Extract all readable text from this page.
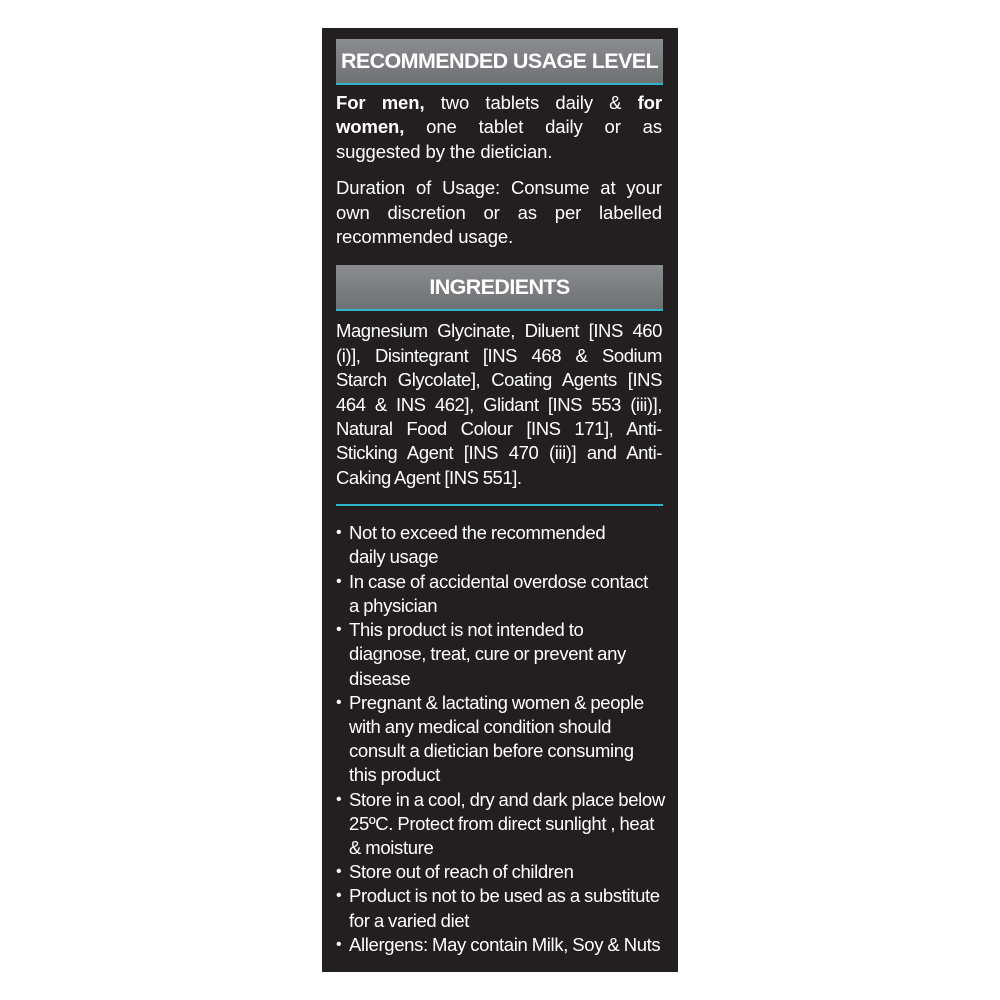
RECOMMENDED USAGE LEVEL

For men, two tablets daily & for women, one tablet daily or as suggested by the dietician.

Duration of Usage: Consume at your own discretion or as per labelled recommended usage.

INGREDIENTS

Magnesium Glycinate, Diluent [INS 460 (i)], Disintegrant [INS 468 & Sodium Starch Glycolate], Coating Agents [INS 464 & INS 462], Glidant [INS 553 (iii)], Natural Food Colour [INS 171], Anti-Sticking Agent [INS 470 (iii)] and Anti-Caking Agent [INS 551].

• Not to exceed the recommended
daily usage
• In case of accidental overdose contact
a physician
• This product is not intended to
diagnose, treat, cure or prevent any
disease
• Pregnant & lactating women & people
with any medical condition should
consult a dietician before consuming
this product
• Store in a cool, dry and dark place below
25ºC. Protect from direct sunlight , heat
& moisture
• Store out of reach of children
• Product is not to be used as a substitute
for a varied diet
• Allergens: May contain Milk, Soy & Nuts
